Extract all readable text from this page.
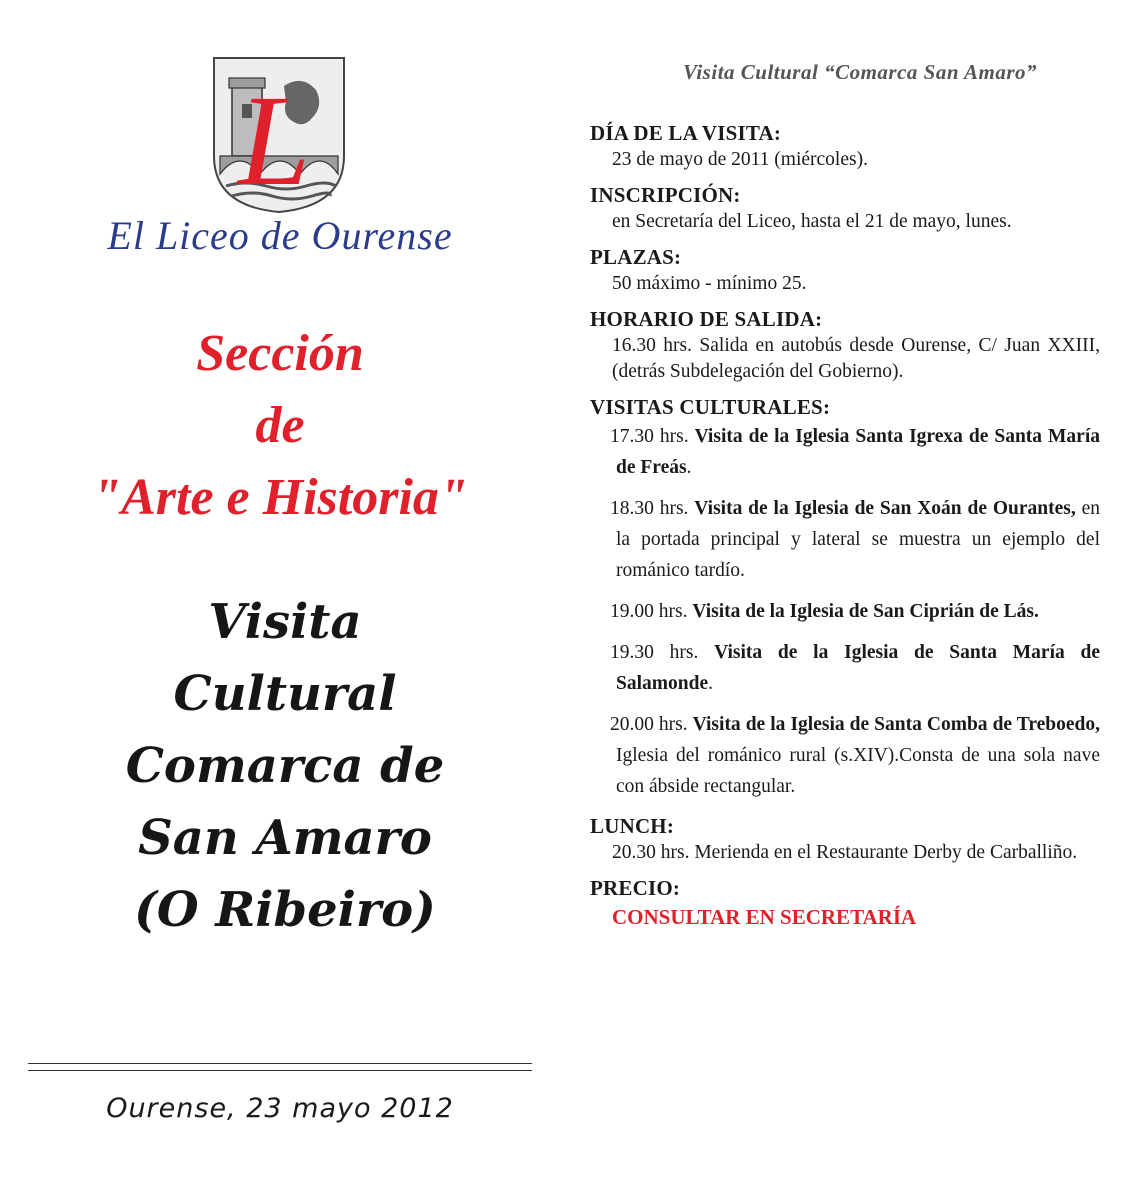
L
El Liceo de Ourense
Sección
de
"Arte e Historia"
Visita
Cultural
Comarca de
San Amaro
(O Ribeiro)
Ourense, 23 mayo 2012
Visita Cultural “Comarca San Amaro”
DÍA DE LA VISITA:
23 de mayo de 2011 (miércoles).
INSCRIPCIÓN:
en Secretaría del Liceo, hasta el 21 de mayo, lunes.
PLAZAS:
50 máximo - mínimo 25.
HORARIO DE SALIDA:
16.30 hrs. Salida en autobús desde Ourense, C/ Juan XXIII, (detrás Subdelegación del Gobierno).
VISITAS CULTURALES:
17.30 hrs. Visita de la Iglesia Santa Igrexa de Santa María de Freás.
18.30 hrs. Visita de la Iglesia de San Xoán de Ourantes, en la portada principal y lateral se muestra un ejemplo del románico tardío.
19.00 hrs. Visita de la Iglesia de San Ciprián de Lás.
19.30 hrs. Visita de la Iglesia de Santa María de Salamonde.
20.00 hrs. Visita de la Iglesia de Santa Comba de Treboedo, Iglesia del románico rural (s.XIV).Consta de una sola nave con ábside rectangular.
LUNCH:
20.30 hrs. Merienda en el Restaurante Derby de Carballiño.
PRECIO:
CONSULTAR EN SECRETARÍA
